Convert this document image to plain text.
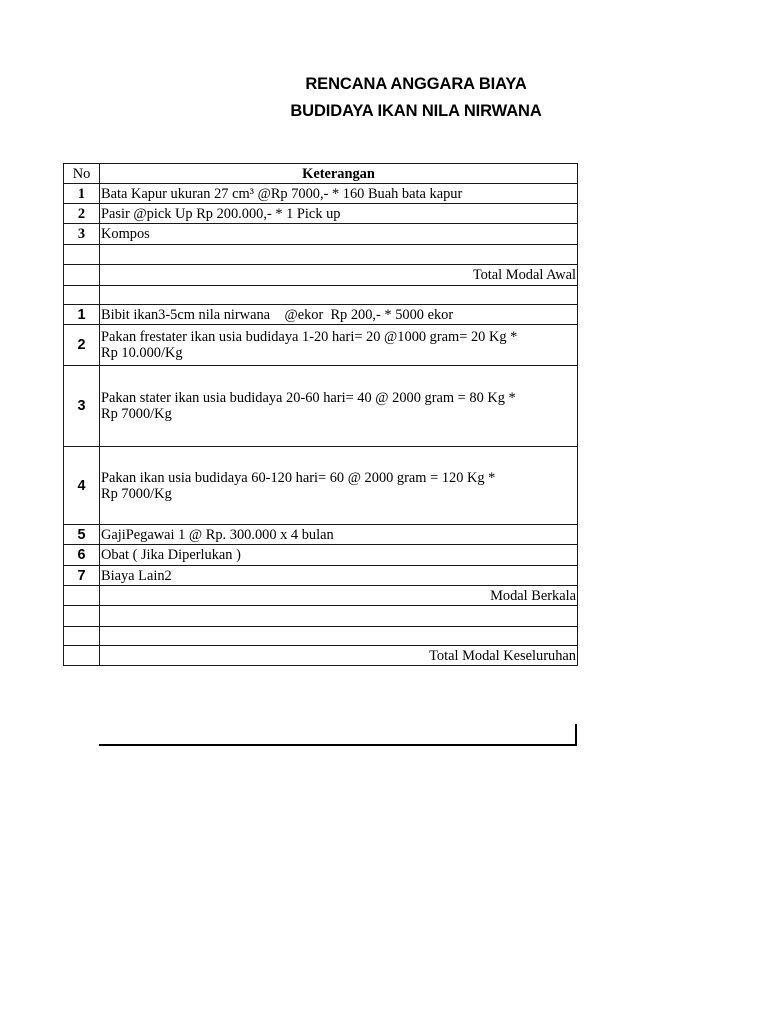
RENCANA ANGGARA BIAYA
BUDIDAYA IKAN NILA NIRWANA
No	Keterangan
1	Bata Kapur ukuran 27 cm³ @Rp 7000,- * 160 Buah bata kapur
2	Pasir @pick Up Rp 200.000,- * 1 Pick up
3	Kompos

	Total Modal Awal

1	Bibit ikan3-5cm nila nirwana    @ekor  Rp 200,- * 5000 ekor
2	Pakan frestater ikan usia budidaya 1-20 hari= 20 @1000 gram= 20 Kg *
Rp 10.000/Kg
3	Pakan stater ikan usia budidaya 20-60 hari= 40 @ 2000 gram = 80 Kg *
Rp 7000/Kg
4	Pakan ikan usia budidaya 60-120 hari= 60 @ 2000 gram = 120 Kg *
Rp 7000/Kg
5	GajiPegawai 1 @ Rp. 300.000 x 4 bulan
6	Obat ( Jika Diperlukan )
7	Biaya Lain2
	Modal Berkala

	Total Modal Keseluruhan
